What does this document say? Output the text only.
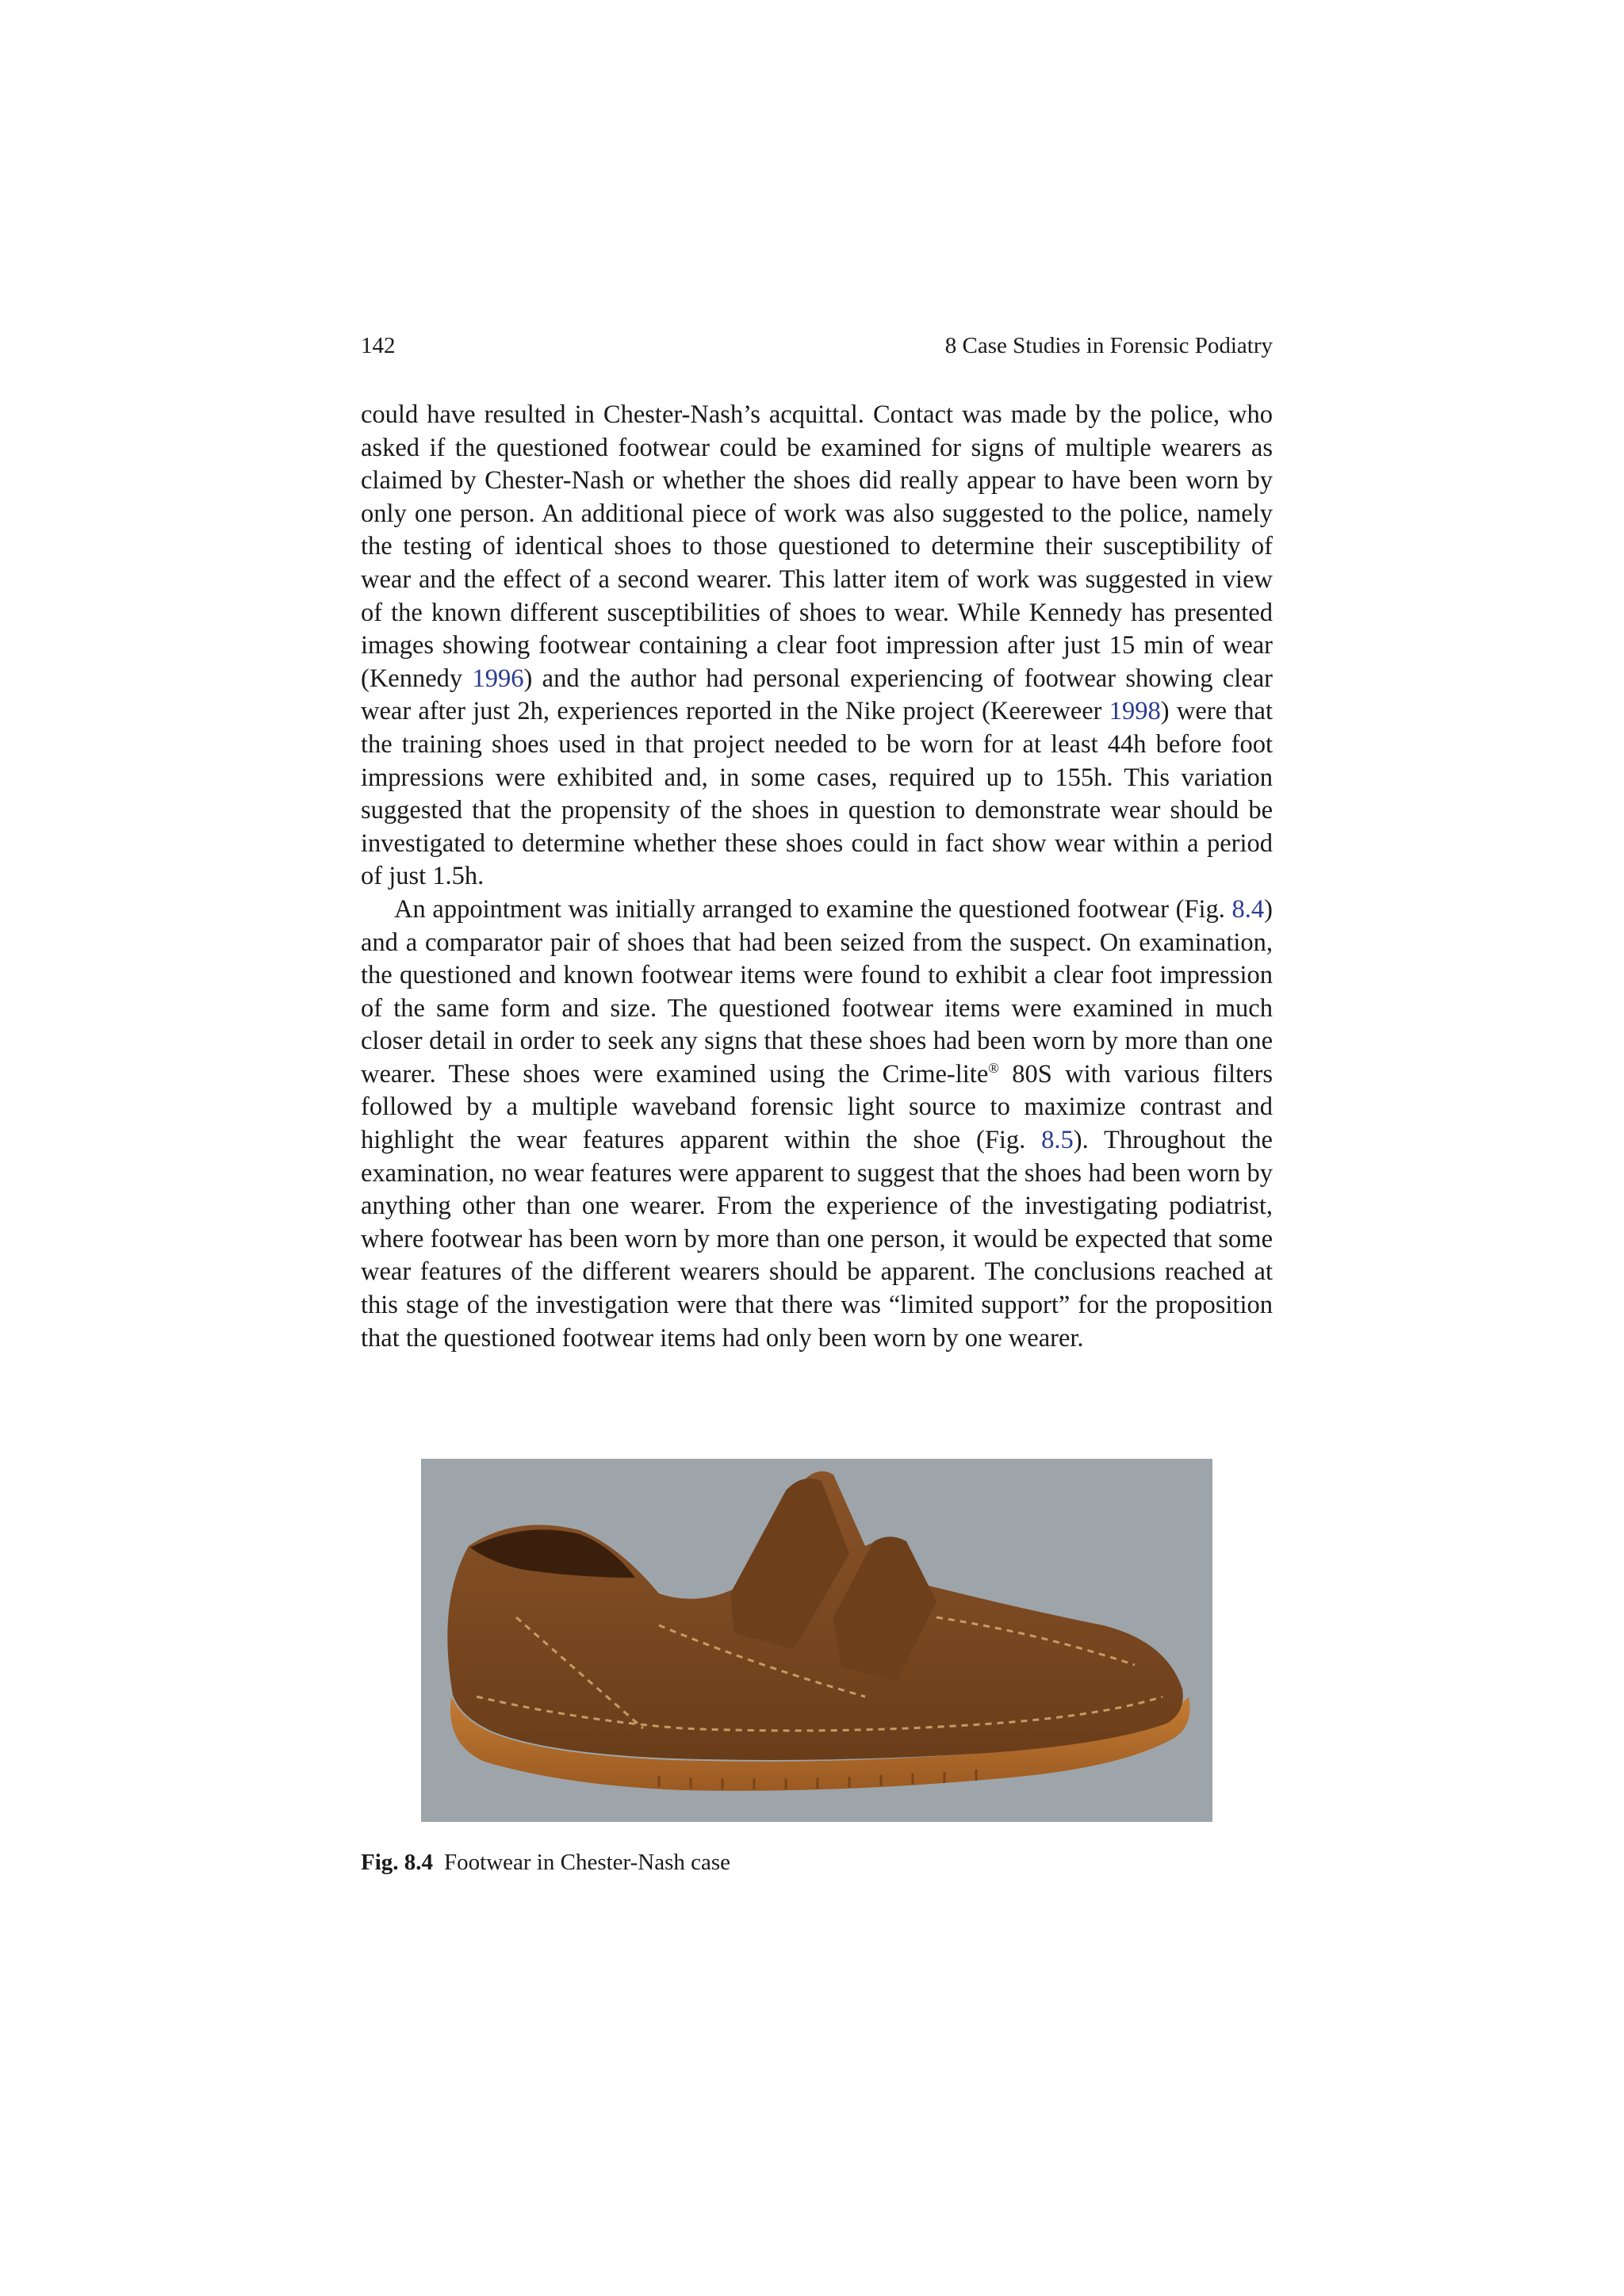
142	8 Case Studies in Forensic Podiatry

could have resulted in Chester-Nash’s acquittal. Contact was made by the police, who asked if the questioned footwear could be examined for signs of multiple wearers as claimed by Chester-Nash or whether the shoes did really appear to have been worn by only one person. An additional piece of work was also suggested to the police, namely the testing of identical shoes to those questioned to determine their susceptibility of wear and the effect of a second wearer. This latter item of work was suggested in view of the known different susceptibilities of shoes to wear. While Kennedy has presented images showing footwear containing a clear foot impression after just 15 min of wear (Kennedy 1996) and the author had personal experiencing of footwear showing clear wear after just 2h, experiences reported in the Nike project (Keereweer 1998) were that the training shoes used in that project needed to be worn for at least 44h before foot impressions were exhibited and, in some cases, required up to 155h. This variation suggested that the propensity of the shoes in question to demonstrate wear should be investigated to determine whether these shoes could in fact show wear within a period of just 1.5h.

An appointment was initially arranged to examine the questioned footwear (Fig. 8.4) and a comparator pair of shoes that had been seized from the suspect. On examination, the questioned and known footwear items were found to exhibit a clear foot impression of the same form and size. The questioned footwear items were examined in much closer detail in order to seek any signs that these shoes had been worn by more than one wearer. These shoes were examined using the Crime-lite® 80S with various filters followed by a multiple waveband forensic light source to maximize contrast and highlight the wear features apparent within the shoe (Fig. 8.5). Throughout the examination, no wear features were apparent to suggest that the shoes had been worn by anything other than one wearer. From the experience of the investigating podiatrist, where footwear has been worn by more than one person, it would be expected that some wear features of the different wearers should be apparent. The conclusions reached at this stage of the investigation were that there was “limited support” for the proposition that the questioned footwear items had only been worn by one wearer.

Fig. 8.4 Footwear in Chester-Nash case
